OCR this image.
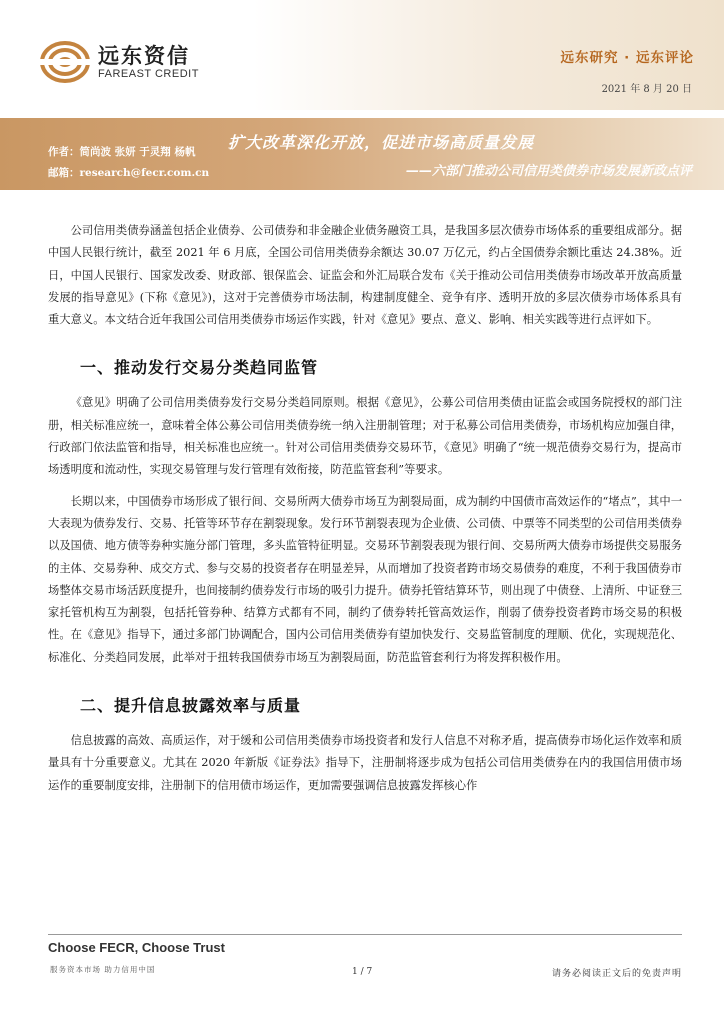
远东资信
FAREAST CREDIT
远东研究 · 远东评论
2021 年 8 月 20 日
作者：简尚波 张妍 于灵翔 杨帆
邮箱：research@fecr.com.cn
扩大改革深化开放，促进市场高质量发展
——六部门推动公司信用类债券市场发展新政点评

公司信用类债券涵盖包括企业债券、公司债券和非金融企业债务融资工具，是我国多层次债券市场体系的重要组成部分。据中国人民银行统计，截至 2021 年 6 月底，全国公司信用类债券余额达 30.07 万亿元，约占全国债券余额比重达 24.38%。近日，中国人民银行、国家发改委、财政部、银保监会、证监会和外汇局联合发布《关于推动公司信用类债券市场改革开放高质量发展的指导意见》(下称《意见》)，这对于完善债券市场法制，构建制度健全、竞争有序、透明开放的多层次债券市场体系具有重大意义。本文结合近年我国公司信用类债券市场运作实践，针对《意见》要点、意义、影响、相关实践等进行点评如下。

一、推动发行交易分类趋同监管

《意见》明确了公司信用类债券发行交易分类趋同原则。根据《意见》，公募公司信用类债由证监会或国务院授权的部门注册，相关标准应统一，意味着全体公募公司信用类债券统一纳入注册制管理；对于私募公司信用类债券，市场机构应加强自律，行政部门依法监管和指导，相关标准也应统一。针对公司信用类债券交易环节，《意见》明确了“统一规范债券交易行为，提高市场透明度和流动性，实现交易管理与发行管理有效衔接，防范监管套利”等要求。

长期以来，中国债券市场形成了银行间、交易所两大债券市场互为割裂局面，成为制约中国债市高效运作的“堵点”，其中一大表现为债券发行、交易、托管等环节存在割裂现象。发行环节割裂表现为企业债、公司债、中票等不同类型的公司信用类债券以及国债、地方债等券种实施分部门管理，多头监管特征明显。交易环节割裂表现为银行间、交易所两大债券市场提供交易服务的主体、交易券种、成交方式、参与交易的投资者存在明显差异，从而增加了投资者跨市场交易债券的难度，不利于我国债券市场整体交易市场活跃度提升，也间接制约债券发行市场的吸引力提升。债券托管结算环节，则出现了中债登、上清所、中证登三家托管机构互为割裂，包括托管券种、结算方式都有不同，制约了债券转托管高效运作，削弱了债券投资者跨市场交易的积极性。在《意见》指导下，通过多部门协调配合，国内公司信用类债券有望加快发行、交易监管制度的理顺、优化，实现规范化、标准化、分类趋同发展，此举对于扭转我国债券市场互为割裂局面，防范监管套利行为将发挥积极作用。

二、提升信息披露效率与质量

信息披露的高效、高质运作，对于缓和公司信用类债券市场投资者和发行人信息不对称矛盾，提高债券市场化运作效率和质量具有十分重要意义。尤其在 2020 年新版《证券法》指导下，注册制将逐步成为包括公司信用类债券在内的我国信用债市场运作的重要制度安排，注册制下的信用债市场运作，更加需要强调信息披露发挥核心作

Choose FECR, Choose Trust
服务资本市场 助力信用中国	1 / 7	请务必阅读正文后的免责声明
